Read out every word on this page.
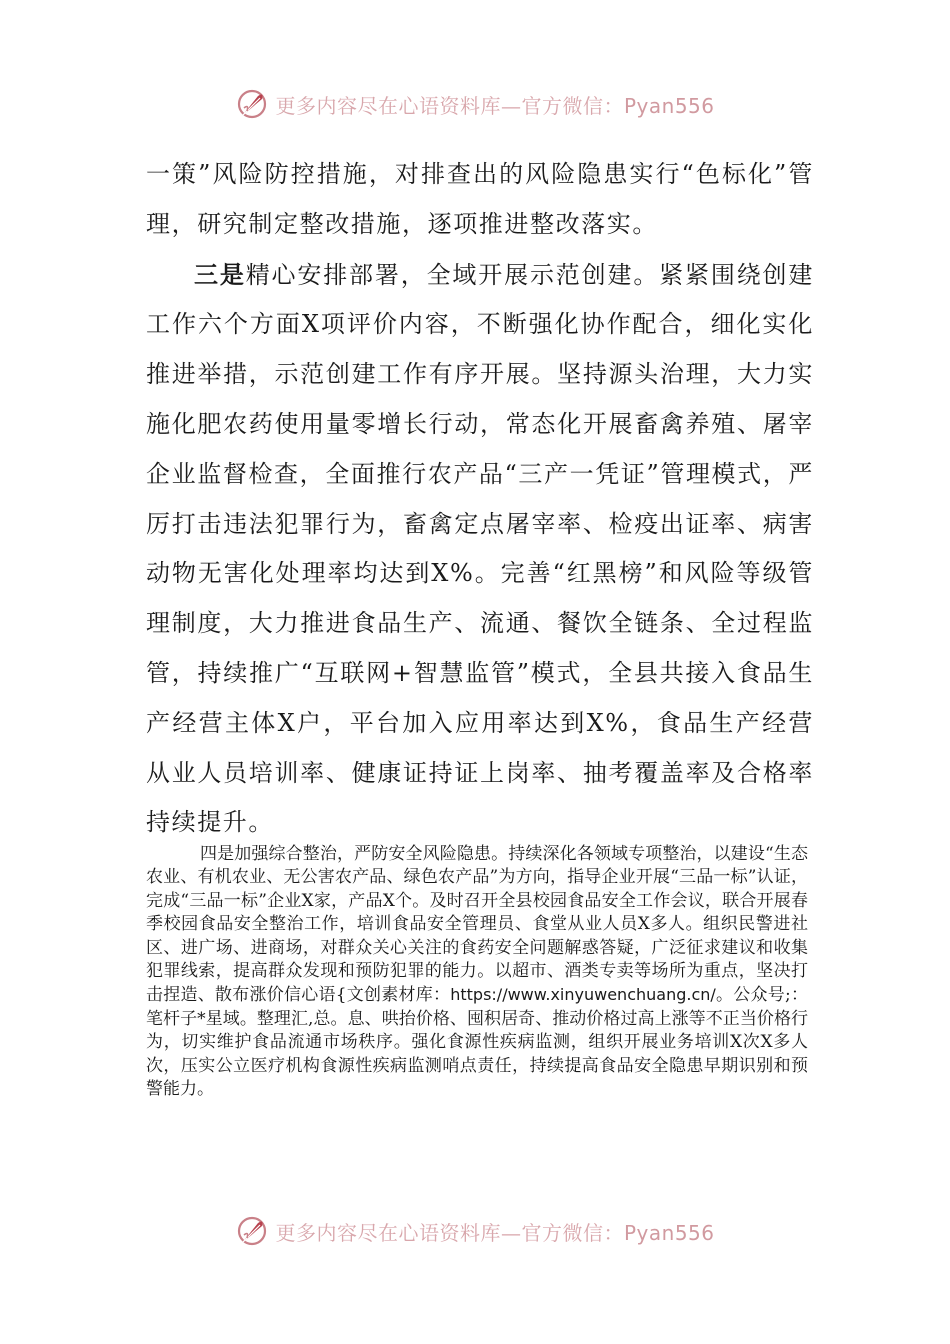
更多内容尽在心语资料库—官方微信：Pyan556

一策”风险防控措施，对排查出的风险隐患实行“色标化”管理，研究制定整改措施，逐项推进整改落实。

三是精心安排部署，全域开展示范创建。紧紧围绕创建工作六个方面X项评价内容，不断强化协作配合，细化实化推进举措，示范创建工作有序开展。坚持源头治理，大力实施化肥农药使用量零增长行动，常态化开展畜禽养殖、屠宰企业监督检查，全面推行农产品“三产一凭证”管理模式，严厉打击违法犯罪行为，畜禽定点屠宰率、检疫出证率、病害动物无害化处理率均达到X%。完善“红黑榜”和风险等级管理制度，大力推进食品生产、流通、餐饮全链条、全过程监管，持续推广“互联网+智慧监管”模式，全县共接入食品生产经营主体X户，平台加入应用率达到X%，食品生产经营从业人员培训率、健康证持证上岗率、抽考覆盖率及合格率持续提升。

四是加强综合整治，严防安全风险隐患。持续深化各领域专项整治，以建设“生态农业、有机农业、无公害农产品、绿色农产品”为方向，指导企业开展“三品一标”认证，完成“三品一标”企业X家，产品X个。及时召开全县校园食品安全工作会议，联合开展春季校园食品安全整治工作，培训食品安全管理员、食堂从业人员X多人。组织民警进社区、进广场、进商场，对群众关心关注的食药安全问题解惑答疑，广泛征求建议和收集犯罪线索，提高群众发现和预防犯罪的能力。以超市、酒类专卖等场所为重点，坚决打击捏造、散布涨价信心语{文创素材库：https://www.xinyuwenchuang.cn/。公众号;：笔杆子*星域。整理汇,总。息、哄抬价格、囤积居奇、推动价格过高上涨等不正当价格行为，切实维护食品流通市场秩序。强化食源性疾病监测，组织开展业务培训X次X多人次，压实公立医疗机构食源性疾病监测哨点责任，持续提高食品安全隐患早期识别和预警能力。

更多内容尽在心语资料库—官方微信：Pyan556
